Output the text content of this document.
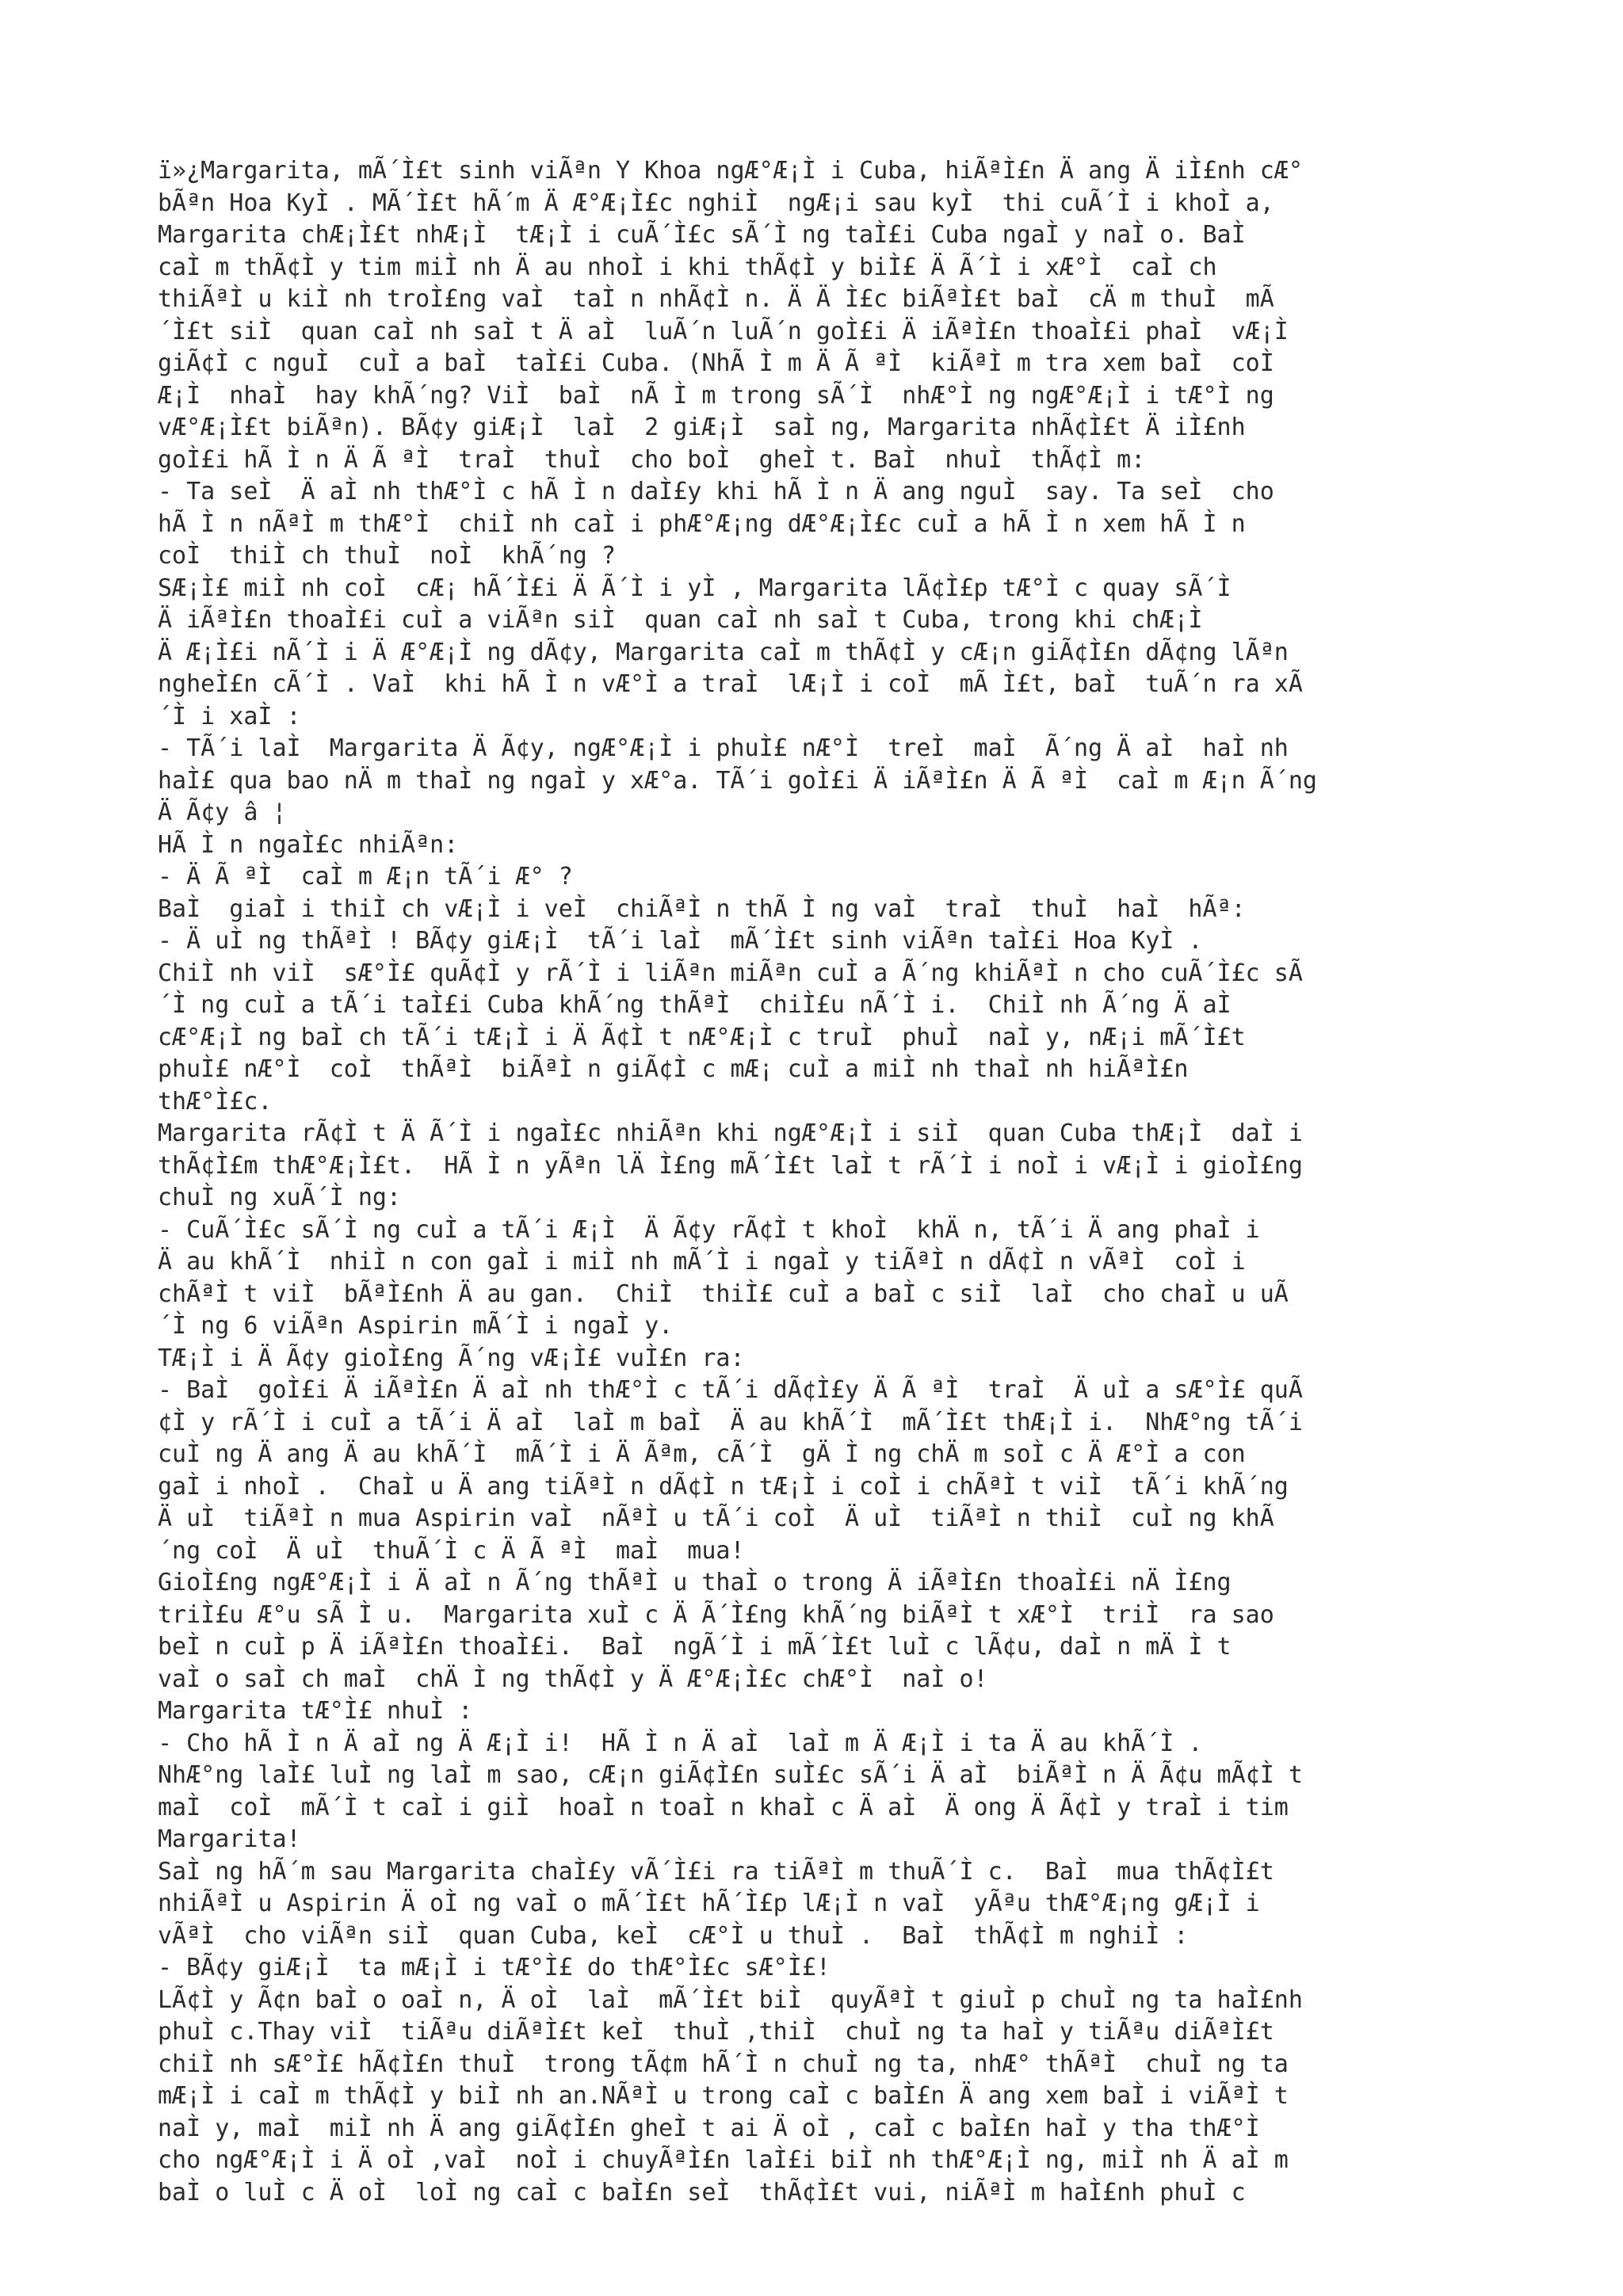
ï»¿Margarita, mÃ´Ì£t sinh viÃªn Y Khoa ngÆ°Æ¡Ì i Cuba, hiÃªÌ£n Ä ang Ä iÌ£nh cÆ°
bÃªn Hoa KyÌ . MÃ´Ì£t hÃ´m Ä Æ°Æ¡Ì£c nghiÌ  ngÆ¡i sau kyÌ  thi cuÃ´Ì i khoÌ a,
Margarita chÆ¡Ì£t nhÆ¡Ì  tÆ¡Ì i cuÃ´Ì£c sÃ´Ì ng taÌ£i Cuba ngaÌ y naÌ o. BaÌ
caÌ m thÃ¢Ì y tim miÌ nh Ä au nhoÌ i khi thÃ¢Ì y biÌ£ Ä Ã´Ì i xÆ°Ì  caÌ ch
thiÃªÌ u kiÌ nh troÌ£ng vaÌ  taÌ n nhÃ¢Ì n. Ä Ä Ì£c biÃªÌ£t baÌ  cÄ m thuÌ  mÃ
´Ì£t siÌ  quan caÌ nh saÌ t Ä aÌ  luÃ´n luÃ´n goÌ£i Ä iÃªÌ£n thoaÌ£i phaÌ  vÆ¡Ì
giÃ¢Ì c nguÌ  cuÌ a baÌ  taÌ£i Cuba. (NhÃ Ì m Ä Ã ªÌ  kiÃªÌ m tra xem baÌ  coÌ
Æ¡Ì  nhaÌ  hay khÃ´ng? ViÌ  baÌ  nÃ Ì m trong sÃ´Ì  nhÆ°Ì ng ngÆ°Æ¡Ì i tÆ°Ì ng
vÆ°Æ¡Ì£t biÃªn). BÃ¢y giÆ¡Ì  laÌ  2 giÆ¡Ì  saÌ ng, Margarita nhÃ¢Ì£t Ä iÌ£nh
goÌ£i hÃ Ì n Ä Ã ªÌ  traÌ  thuÌ  cho boÌ  gheÌ t. BaÌ  nhuÌ  thÃ¢Ì m:
- Ta seÌ  Ä aÌ nh thÆ°Ì c hÃ Ì n daÌ£y khi hÃ Ì n Ä ang nguÌ  say. Ta seÌ  cho
hÃ Ì n nÃªÌ m thÆ°Ì  chiÌ nh caÌ i phÆ°Æ¡ng dÆ°Æ¡Ì£c cuÌ a hÃ Ì n xem hÃ Ì n
coÌ  thiÌ ch thuÌ  noÌ  khÃ´ng ?
SÆ¡Ì£ miÌ nh coÌ  cÆ¡ hÃ´Ì£i Ä Ã´Ì i yÌ , Margarita lÃ¢Ì£p tÆ°Ì c quay sÃ´Ì
Ä iÃªÌ£n thoaÌ£i cuÌ a viÃªn siÌ  quan caÌ nh saÌ t Cuba, trong khi chÆ¡Ì
Ä Æ¡Ì£i nÃ´Ì i Ä Æ°Æ¡Ì ng dÃ¢y, Margarita caÌ m thÃ¢Ì y cÆ¡n giÃ¢Ì£n dÃ¢ng lÃªn
ngheÌ£n cÃ´Ì . VaÌ  khi hÃ Ì n vÆ°Ì a traÌ  lÆ¡Ì i coÌ  mÃ Ì£t, baÌ  tuÃ´n ra xÃ
´Ì i xaÌ :
- TÃ´i laÌ  Margarita Ä Ã¢y, ngÆ°Æ¡Ì i phuÌ£ nÆ°Ì  treÌ  maÌ  Ã´ng Ä aÌ  haÌ nh
haÌ£ qua bao nÄ m thaÌ ng ngaÌ y xÆ°a. TÃ´i goÌ£i Ä iÃªÌ£n Ä Ã ªÌ  caÌ m Æ¡n Ã´ng
Ä Ã¢y â ¦
HÃ Ì n ngaÌ£c nhiÃªn:
- Ä Ã ªÌ  caÌ m Æ¡n tÃ´i Æ° ?
BaÌ  giaÌ i thiÌ ch vÆ¡Ì i veÌ  chiÃªÌ n thÃ Ì ng vaÌ  traÌ  thuÌ  haÌ  hÃª:
- Ä uÌ ng thÃªÌ ! BÃ¢y giÆ¡Ì  tÃ´i laÌ  mÃ´Ì£t sinh viÃªn taÌ£i Hoa KyÌ .
ChiÌ nh viÌ  sÆ°Ì£ quÃ¢Ì y rÃ´Ì i liÃªn miÃªn cuÌ a Ã´ng khiÃªÌ n cho cuÃ´Ì£c sÃ
´Ì ng cuÌ a tÃ´i taÌ£i Cuba khÃ´ng thÃªÌ  chiÌ£u nÃ´Ì i.  ChiÌ nh Ã´ng Ä aÌ
cÆ°Æ¡Ì ng baÌ ch tÃ´i tÆ¡Ì i Ä Ã¢Ì t nÆ°Æ¡Ì c truÌ  phuÌ  naÌ y, nÆ¡i mÃ´Ì£t
phuÌ£ nÆ°Ì  coÌ  thÃªÌ  biÃªÌ n giÃ¢Ì c mÆ¡ cuÌ a miÌ nh thaÌ nh hiÃªÌ£n
thÆ°Ì£c.
Margarita rÃ¢Ì t Ä Ã´Ì i ngaÌ£c nhiÃªn khi ngÆ°Æ¡Ì i siÌ  quan Cuba thÆ¡Ì  daÌ i
thÃ¢Ì£m thÆ°Æ¡Ì£t.  HÃ Ì n yÃªn lÄ Ì£ng mÃ´Ì£t laÌ t rÃ´Ì i noÌ i vÆ¡Ì i gioÌ£ng
chuÌ ng xuÃ´Ì ng:
- CuÃ´Ì£c sÃ´Ì ng cuÌ a tÃ´i Æ¡Ì  Ä Ã¢y rÃ¢Ì t khoÌ  khÄ n, tÃ´i Ä ang phaÌ i
Ä au khÃ´Ì  nhiÌ n con gaÌ i miÌ nh mÃ´Ì i ngaÌ y tiÃªÌ n dÃ¢Ì n vÃªÌ  coÌ i
chÃªÌ t viÌ  bÃªÌ£nh Ä au gan.  ChiÌ  thiÌ£ cuÌ a baÌ c siÌ  laÌ  cho chaÌ u uÃ
´Ì ng 6 viÃªn Aspirin mÃ´Ì i ngaÌ y.
TÆ¡Ì i Ä Ã¢y gioÌ£ng Ã´ng vÆ¡Ì£ vuÌ£n ra:
- BaÌ  goÌ£i Ä iÃªÌ£n Ä aÌ nh thÆ°Ì c tÃ´i dÃ¢Ì£y Ä Ã ªÌ  traÌ  Ä uÌ a sÆ°Ì£ quÃ
¢Ì y rÃ´Ì i cuÌ a tÃ´i Ä aÌ  laÌ m baÌ  Ä au khÃ´Ì  mÃ´Ì£t thÆ¡Ì i.  NhÆ°ng tÃ´i
cuÌ ng Ä ang Ä au khÃ´Ì  mÃ´Ì i Ä Ãªm, cÃ´Ì  gÄ Ì ng chÄ m soÌ c Ä Æ°Ì a con
gaÌ i nhoÌ .  ChaÌ u Ä ang tiÃªÌ n dÃ¢Ì n tÆ¡Ì i coÌ i chÃªÌ t viÌ  tÃ´i khÃ´ng
Ä uÌ  tiÃªÌ n mua Aspirin vaÌ  nÃªÌ u tÃ´i coÌ  Ä uÌ  tiÃªÌ n thiÌ  cuÌ ng khÃ
´ng coÌ  Ä uÌ  thuÃ´Ì c Ä Ã ªÌ  maÌ  mua!
GioÌ£ng ngÆ°Æ¡Ì i Ä aÌ n Ã´ng thÃªÌ u thaÌ o trong Ä iÃªÌ£n thoaÌ£i nÄ Ì£ng
triÌ£u Æ°u sÃ Ì u.  Margarita xuÌ c Ä Ã´Ì£ng khÃ´ng biÃªÌ t xÆ°Ì  triÌ  ra sao
beÌ n cuÌ p Ä iÃªÌ£n thoaÌ£i.  BaÌ  ngÃ´Ì i mÃ´Ì£t luÌ c lÃ¢u, daÌ n mÄ Ì t
vaÌ o saÌ ch maÌ  chÄ Ì ng thÃ¢Ì y Ä Æ°Æ¡Ì£c chÆ°Ì  naÌ o!
Margarita tÆ°Ì£ nhuÌ :
- Cho hÃ Ì n Ä aÌ ng Ä Æ¡Ì i!  HÃ Ì n Ä aÌ  laÌ m Ä Æ¡Ì i ta Ä au khÃ´Ì .
NhÆ°ng laÌ£ luÌ ng laÌ m sao, cÆ¡n giÃ¢Ì£n suÌ£c sÃ´i Ä aÌ  biÃªÌ n Ä Ã¢u mÃ¢Ì t
maÌ  coÌ  mÃ´Ì t caÌ i giÌ  hoaÌ n toaÌ n khaÌ c Ä aÌ  Ä ong Ä Ã¢Ì y traÌ i tim
Margarita!
SaÌ ng hÃ´m sau Margarita chaÌ£y vÃ´Ì£i ra tiÃªÌ m thuÃ´Ì c.  BaÌ  mua thÃ¢Ì£t
nhiÃªÌ u Aspirin Ä oÌ ng vaÌ o mÃ´Ì£t hÃ´Ì£p lÆ¡Ì n vaÌ  yÃªu thÆ°Æ¡ng gÆ¡Ì i
vÃªÌ  cho viÃªn siÌ  quan Cuba, keÌ  cÆ°Ì u thuÌ .  BaÌ  thÃ¢Ì m nghiÌ :
- BÃ¢y giÆ¡Ì  ta mÆ¡Ì i tÆ°Ì£ do thÆ°Ì£c sÆ°Ì£!
LÃ¢Ì y Ã¢n baÌ o oaÌ n, Ä oÌ  laÌ  mÃ´Ì£t biÌ  quyÃªÌ t giuÌ p chuÌ ng ta haÌ£nh
phuÌ c.Thay viÌ  tiÃªu diÃªÌ£t keÌ  thuÌ ,thiÌ  chuÌ ng ta haÌ y tiÃªu diÃªÌ£t
chiÌ nh sÆ°Ì£ hÃ¢Ì£n thuÌ  trong tÃ¢m hÃ´Ì n chuÌ ng ta, nhÆ° thÃªÌ  chuÌ ng ta
mÆ¡Ì i caÌ m thÃ¢Ì y biÌ nh an.NÃªÌ u trong caÌ c baÌ£n Ä ang xem baÌ i viÃªÌ t
naÌ y, maÌ  miÌ nh Ä ang giÃ¢Ì£n gheÌ t ai Ä oÌ , caÌ c baÌ£n haÌ y tha thÆ°Ì
cho ngÆ°Æ¡Ì i Ä oÌ ,vaÌ  noÌ i chuyÃªÌ£n laÌ£i biÌ nh thÆ°Æ¡Ì ng, miÌ nh Ä aÌ m
baÌ o luÌ c Ä oÌ  loÌ ng caÌ c baÌ£n seÌ  thÃ¢Ì£t vui, niÃªÌ m haÌ£nh phuÌ c
